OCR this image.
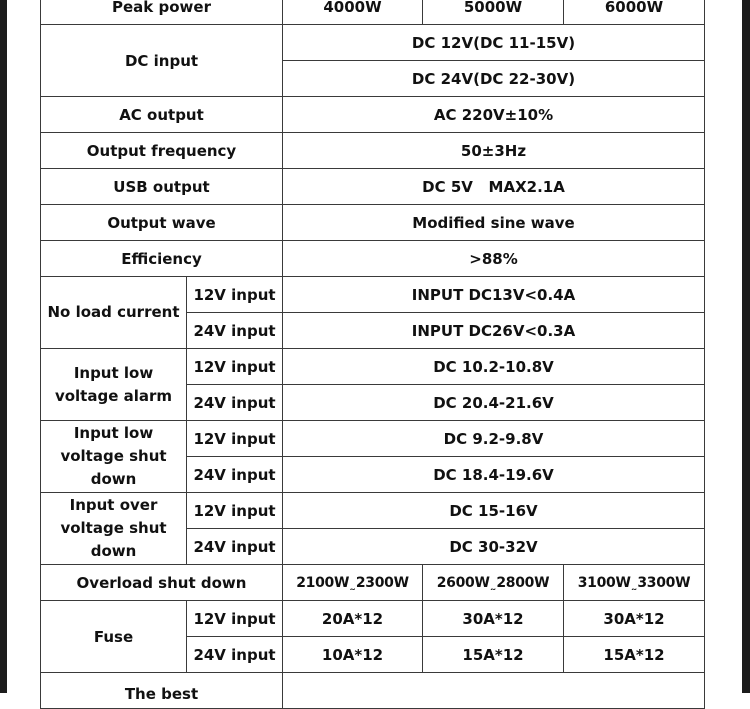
Peak power		4000W	5000W	6000W
DC input		DC 12V(DC 11-15V)		
		DC 24V(DC 22-30V)		
AC output		AC 220V±10%		
Output frequency		50±3Hz		
USB output		DC 5V   MAX2.1A		
Output wave		Modified sine wave		
Efficiency		>88%		
No load current	12V input	INPUT DC13V<0.4A		
	24V input	INPUT DC26V<0.3A		
Input low voltage alarm	12V input	DC 10.2-10.8V		
	24V input	DC 20.4-21.6V		
Input low voltage shut down	12V input	DC 9.2-9.8V		
	24V input	DC 18.4-19.6V		
Input over voltage shut down	12V input	DC 15-16V		
	24V input	DC 30-32V		
Overload shut down		2100W˷2300W	2600W˷2800W	3100W˷3300W
Fuse	12V input	20A*12	30A*12	30A*12
	24V input	10A*12	15A*12	15A*12

The best				
